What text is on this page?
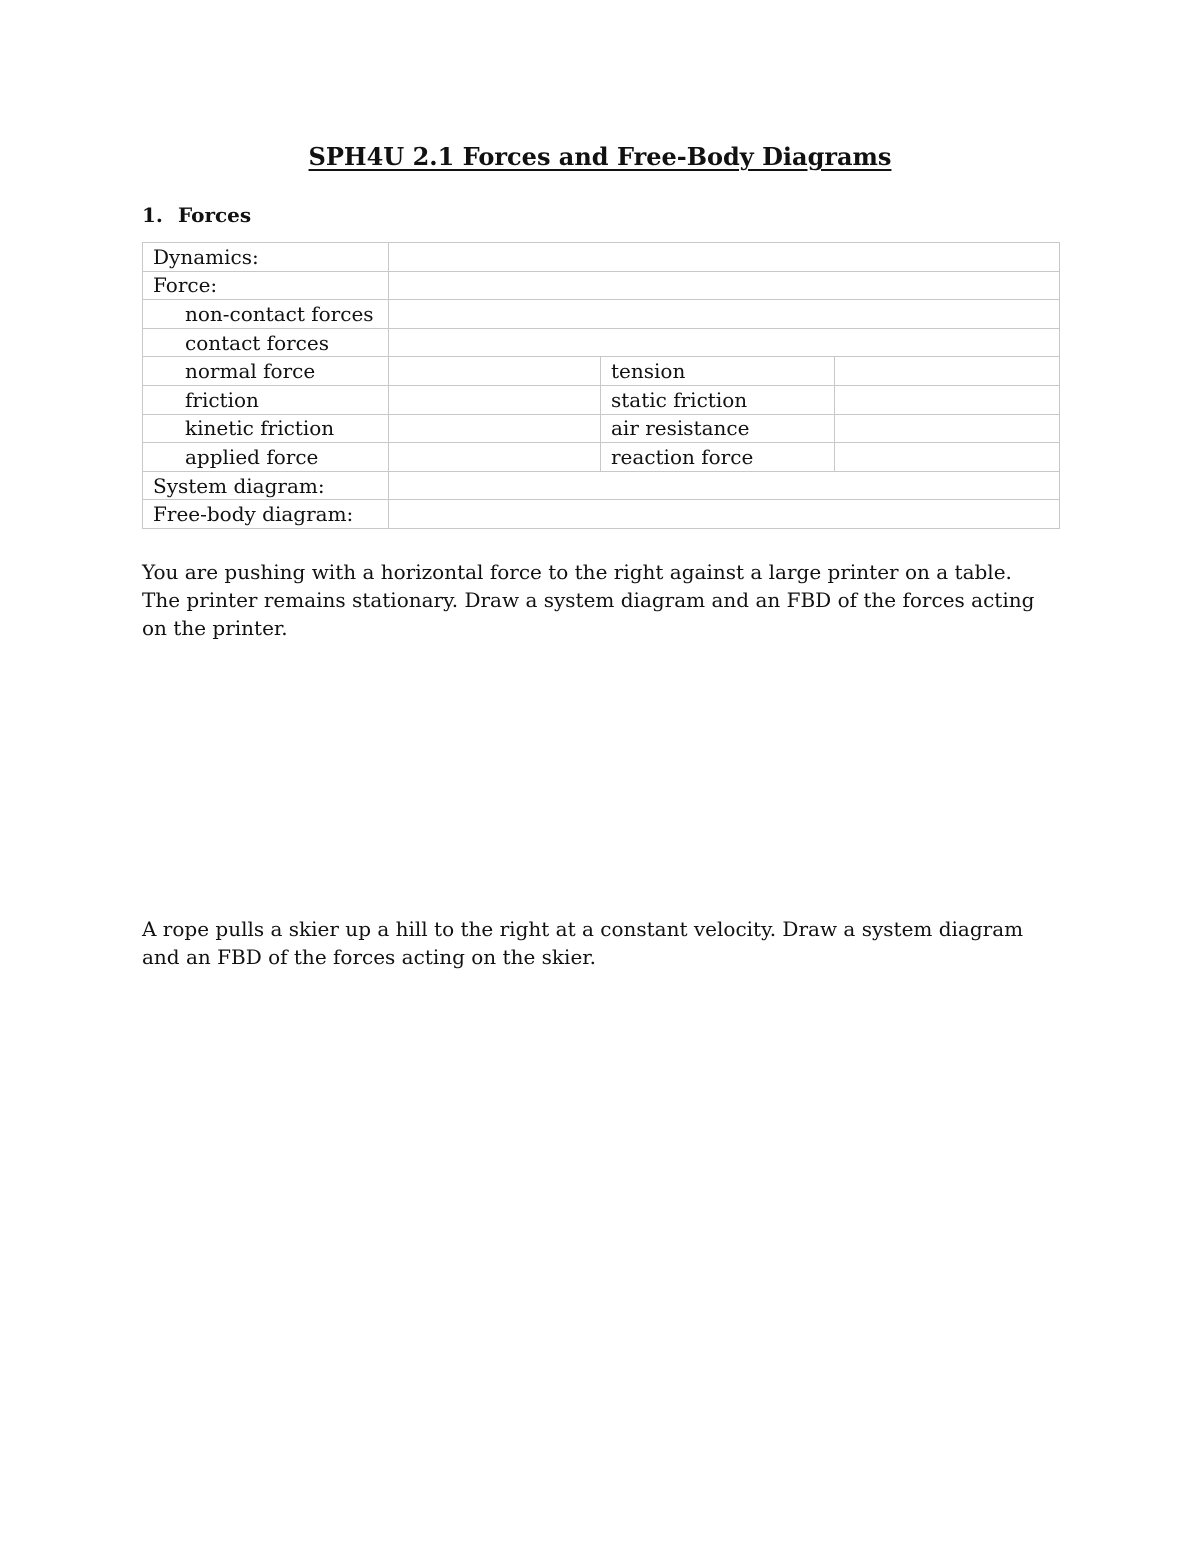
SPH4U 2.1 Forces and Free-Body Diagrams
1. Forces
Dynamics:			
Force:			
non-contact forces			
contact forces			
normal force		tension	
friction		static friction	
kinetic friction		air resistance	
applied force		reaction force	
System diagram:			
Free-body diagram:			

You are pushing with a horizontal force to the right against a large printer on a table. The printer remains stationary. Draw a system diagram and an FBD of the forces acting on the printer.

A rope pulls a skier up a hill to the right at a constant velocity. Draw a system diagram and an FBD of the forces acting on the skier.
